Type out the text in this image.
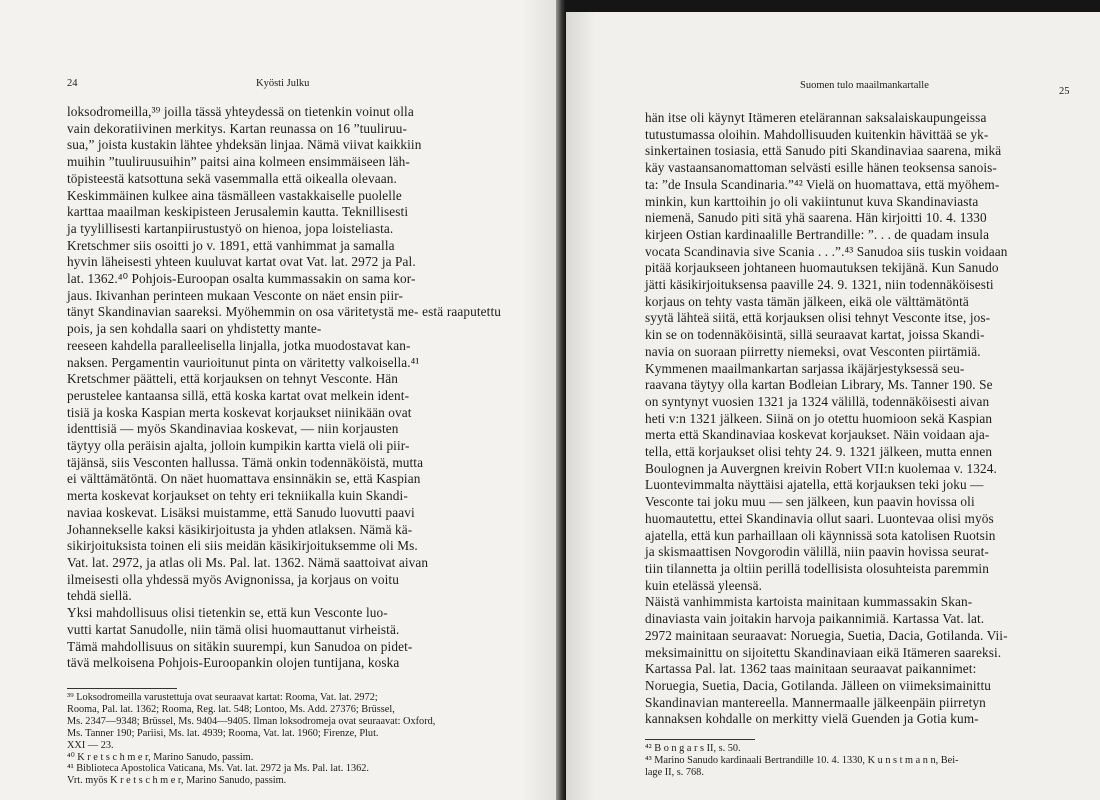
24	Kyösti Julku

loksodromeilla,³⁹ joilla tässä yhteydessä on tietenkin voinut olla
vain dekoratiivinen merkitys. Kartan reunassa on 16 ”tuuliruu-
sua,” joista kustakin lähtee yhdeksän linjaa. Nämä viivat kaikkiin
muihin ”tuuliruusuihin” paitsi aina kolmeen ensimmäiseen läh-
töpisteestä katsottuna sekä vasemmalla että oikealla olevaan.
Keskimmäinen kulkee aina täsmälleen vastakkaiselle puolelle
karttaa maailman keskipisteen Jerusalemin kautta. Teknillisesti
ja tyylillisesti kartanpiirustustyö on hienoa, jopa loisteliasta.
Kretschmer siis osoitti jo v. 1891, että vanhimmat ja samalla
hyvin läheisesti yhteen kuuluvat kartat ovat Vat. lat. 2972 ja Pal.
lat. 1362.⁴⁰ Pohjois-Euroopan osalta kummassakin on sama kor-
jaus. Ikivanhan perinteen mukaan Vesconte on näet ensin piir-
tänyt Skandinavian saareksi. Myöhemmin on osa väritetystä me- estä raaputettu pois, ja sen kohdalla saari on yhdistetty mante-
reeseen kahdella paralleelisella linjalla, jotka muodostavat kan-
naksen. Pergamentin vaurioitunut pinta on väritetty valkoisella.⁴¹
Kretschmer päätteli, että korjauksen on tehnyt Vesconte. Hän
perustelee kantaansa sillä, että koska kartat ovat melkein ident-
tisiä ja koska Kaspian merta koskevat korjaukset niinikään ovat
identtisiä — myös Skandinaviaa koskevat, — niin korjausten
täytyy olla peräisin ajalta, jolloin kumpikin kartta vielä oli piir-
täjänsä, siis Vesconten hallussa. Tämä onkin todennäköistä, mutta
ei välttämätöntä. On näet huomattava ensinnäkin se, että Kaspian
merta koskevat korjaukset on tehty eri tekniikalla kuin Skandi-
naviaa koskevat. Lisäksi muistamme, että Sanudo luovutti paavi
Johannekselle kaksi käsikirjoitusta ja yhden atlaksen. Nämä kä-
sikirjoituksista toinen eli siis meidän käsikirjoituksemme oli Ms.
Vat. lat. 2972, ja atlas oli Ms. Pal. lat. 1362. Nämä saattoivat aivan
ilmeisesti olla yhdessä myös Avignonissa, ja korjaus on voitu
tehdä siellä.
Yksi mahdollisuus olisi tietenkin se, että kun Vesconte luo-
vutti kartat Sanudolle, niin tämä olisi huomauttanut virheistä.
Tämä mahdollisuus on sitäkin suurempi, kun Sanudoa on pidet-
tävä melkoisena Pohjois-Euroopankin olojen tuntijana, koska

³⁹ Loksodromeilla varustettuja ovat seuraavat kartat: Rooma, Vat. lat. 2972;
Rooma, Pal. lat. 1362; Rooma, Reg. lat. 548; Lontoo, Ms. Add. 27376; Brüssel,
Ms. 2347—9348; Brüssel, Ms. 9404—9405. Ilman loksodromeja ovat seuraavat: Oxford,
Ms. Tanner 190; Pariisi, Ms. lat. 4939; Rooma, Vat. lat. 1960; Firenze, Plut.
XXI — 23.
⁴⁰ K r e t s c h m e r, Marino Sanudo, passim.
⁴¹ Biblioteca Apostolica Vaticana, Ms. Vat. lat. 2972 ja Ms. Pal. lat. 1362.
Vrt. myös K r e t s c h m e r, Marino Sanudo, passim.

Suomen tulo maailmankartalle
25

hän itse oli käynyt Itämeren etelärannan saksalaiskaupungeissa
tutustumassa oloihin. Mahdollisuuden kuitenkin hävittää se yk-
sinkertainen tosiasia, että Sanudo piti Skandinaviaa saarena, mikä
käy vastaansanomattoman selvästi esille hänen teoksensa sanois-
ta: ”de Insula Scandinaria.”⁴² Vielä on huomattava, että myöhem-
minkin, kun karttoihin jo oli vakiintunut kuva Skandinaviasta
niemenä, Sanudo piti sitä yhä saarena. Hän kirjoitti 10. 4. 1330
kirjeen Ostian kardinaalille Bertrandille: ”. . . de quadam insula
vocata Scandinavia sive Scania . . .”.⁴³ Sanudoa siis tuskin voidaan
pitää korjaukseen johtaneen huomautuksen tekijänä. Kun Sanudo
jätti käsikirjoituksensa paaville 24. 9. 1321, niin todennäköisesti
korjaus on tehty vasta tämän jälkeen, eikä ole välttämätöntä
syytä lähteä siitä, että korjauksen olisi tehnyt Vesconte itse, jos-
kin se on todennäköisintä, sillä seuraavat kartat, joissa Skandi-
navia on suoraan piirretty niemeksi, ovat Vesconten piirtämiä.
Kymmenen maailmankartan sarjassa ikäjärjestyksessä seu-
raavana täytyy olla kartan Bodleian Library, Ms. Tanner 190. Se
on syntynyt vuosien 1321 ja 1324 välillä, todennäköisesti aivan
heti v:n 1321 jälkeen. Siinä on jo otettu huomioon sekä Kaspian
merta että Skandinaviaa koskevat korjaukset. Näin voidaan aja-
tella, että korjaukset olisi tehty 24. 9. 1321 jälkeen, mutta ennen
Boulognen ja Auvergnen kreivin Robert VII:n kuolemaa v. 1324.
Luontevimmalta näyttäisi ajatella, että korjauksen teki joku —
Vesconte tai joku muu — sen jälkeen, kun paavin hovissa oli
huomautettu, ettei Skandinavia ollut saari. Luontevaa olisi myös
ajatella, että kun parhaillaan oli käynnissä sota katolisen Ruotsin
ja skismaattisen Novgorodin välillä, niin paavin hovissa seurat-
tiin tilannetta ja oltiin perillä todellisista olosuhteista paremmin
kuin etelässä yleensä.
Näistä vanhimmista kartoista mainitaan kummassakin Skan-
dinaviasta vain joitakin harvoja paikannimiä. Kartassa Vat. lat.
2972 mainitaan seuraavat: Noruegia, Suetia, Dacia, Gotilanda. Vii-
meksimainittu on sijoitettu Skandinaviaan eikä Itämeren saareksi.
Kartassa Pal. lat. 1362 taas mainitaan seuraavat paikannimet:
Noruegia, Suetia, Dacia, Gotilanda. Jälleen on viimeksimainittu
Skandinavian mantereella. Mannermaalle jälkeenpäin piirretyn
kannaksen kohdalle on merkitty vielä Guenden ja Gotia kum-

⁴² B o n g a r s II, s. 50.
⁴³ Marino Sanudo kardinaali Bertrandille 10. 4. 1330, K u n s t m a n n, Bei-
lage II, s. 768.
